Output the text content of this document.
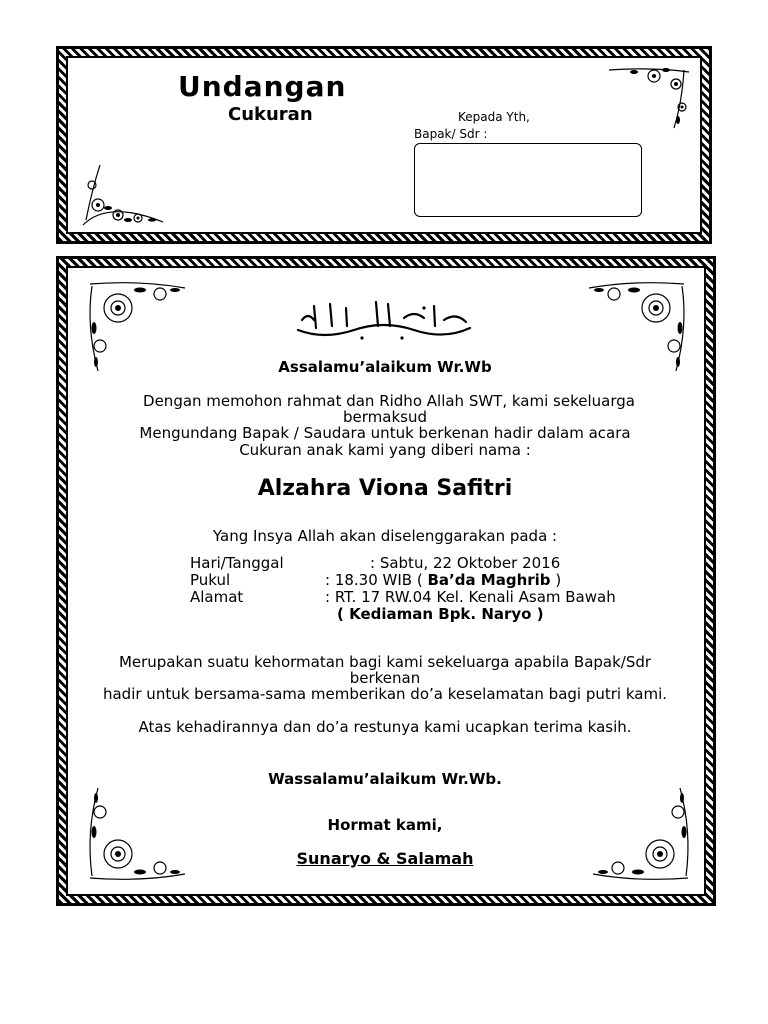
Undangan
Cukuran	Kepada Yth,
Bapak/ Sdr :
Assalamu’alaikum Wr.Wb
Dengan memohon rahmat dan Ridho Allah SWT, kami sekeluarga
bermaksud
Mengundang Bapak / Saudara untuk berkenan hadir dalam acara
Cukuran anak kami yang diberi nama :
Alzahra Viona Safitri
Yang Insya Allah akan diselenggarakan pada :
Hari/Tanggal	: Sabtu, 22 Oktober 2016
Pukul	: 18.30 WIB ( Ba’da Maghrib )
Alamat	: RT. 17 RW.04 Kel. Kenali Asam Bawah
( Kediaman Bpk. Naryo )
Merupakan suatu kehormatan bagi kami sekeluarga apabila Bapak/Sdr
berkenan
hadir untuk bersama-sama memberikan do’a keselamatan bagi putri kami.
Atas kehadirannya dan do’a restunya kami ucapkan terima kasih.
Wassalamu’alaikum Wr.Wb.
Hormat kami,
Sunaryo & Salamah
